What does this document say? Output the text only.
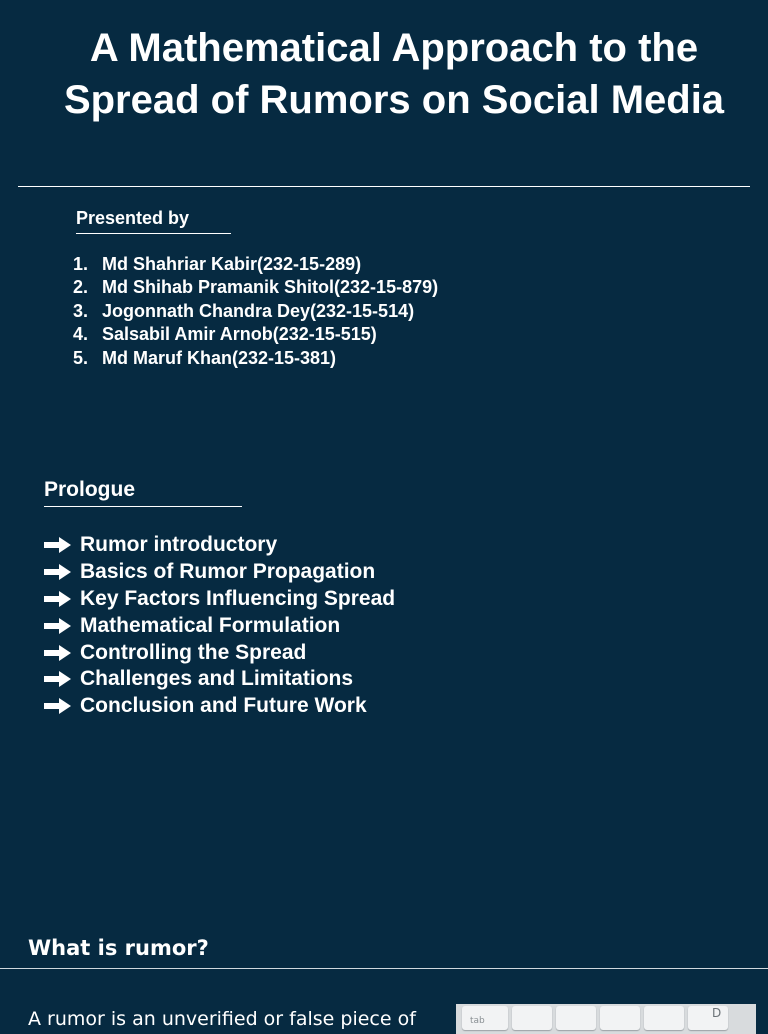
A Mathematical Approach to the Spread of Rumors on Social Media
Presented by
1. Md Shahriar Kabir(232-15-289)
2. Md Shihab Pramanik Shitol(232-15-879)
3. Jogonnath Chandra Dey(232-15-514)
4. Salsabil Amir Arnob(232-15-515)
5. Md Maruf Khan(232-15-381)
Prologue
Rumor introductory
Basics of Rumor Propagation
Key Factors Influencing Spread
Mathematical Formulation
Controlling the Spread
Challenges and Limitations
Conclusion and Future Work
What is rumor?
A rumor is an unverified or false piece of	tab
D
